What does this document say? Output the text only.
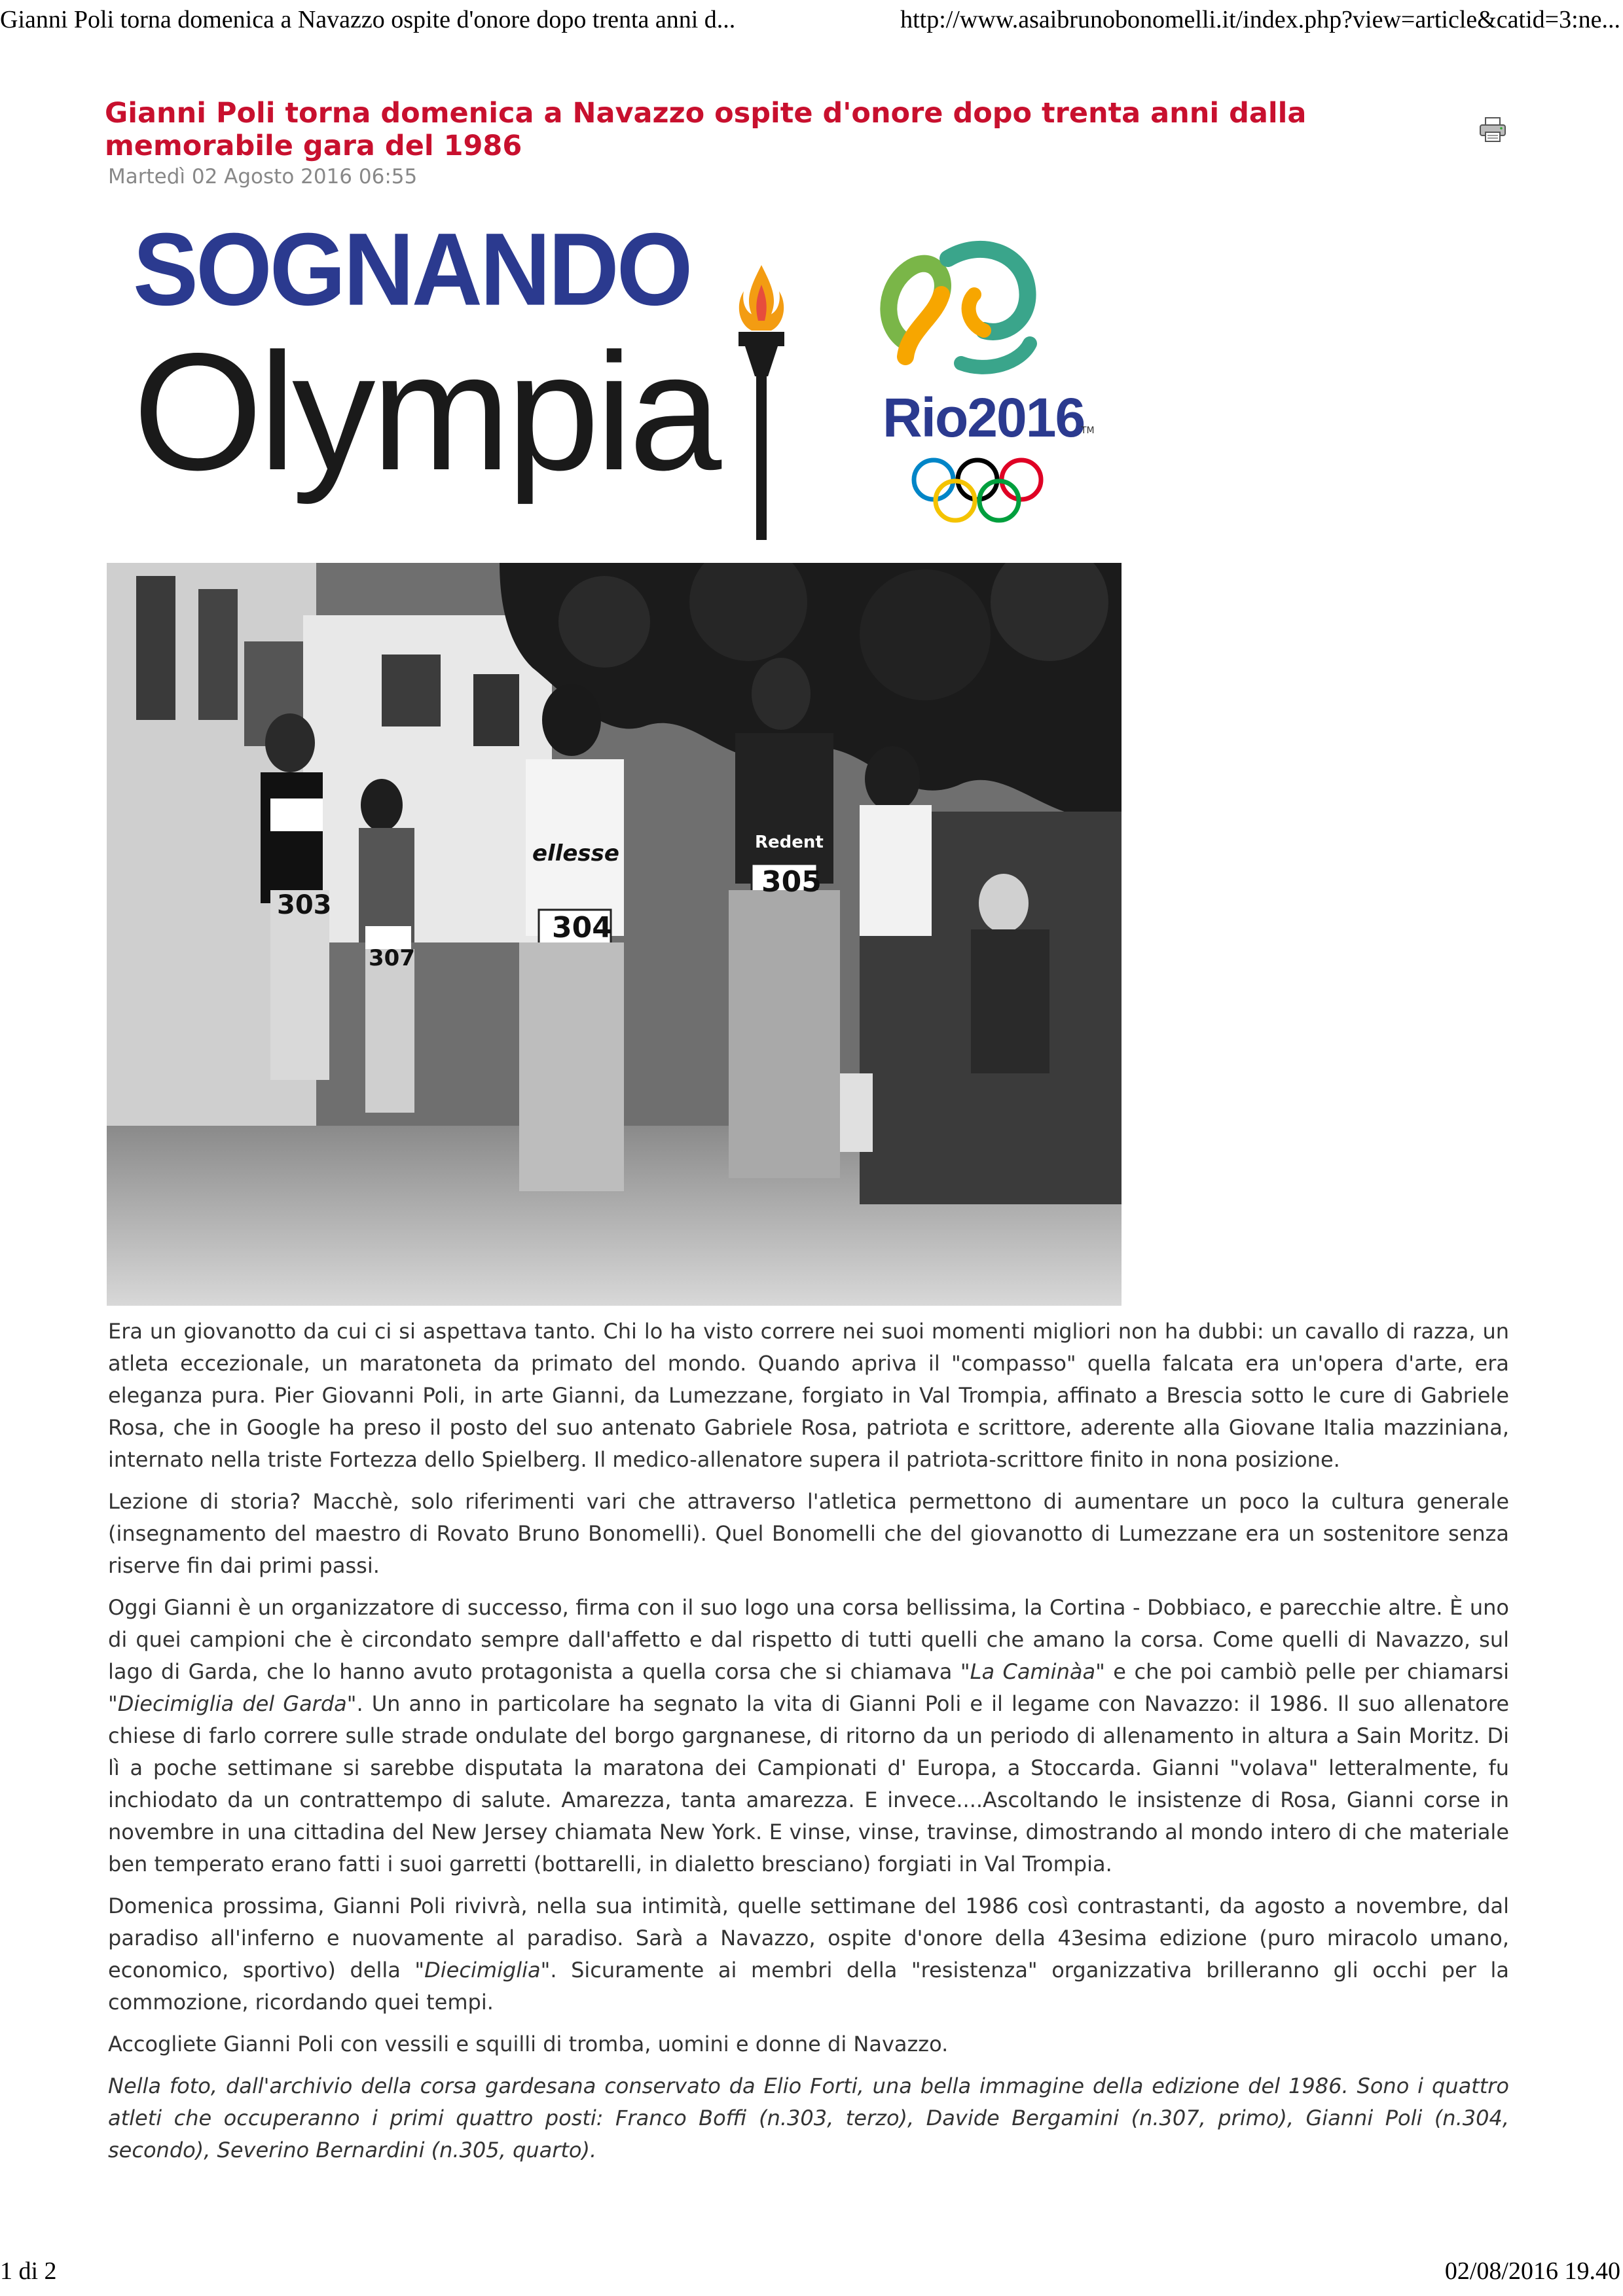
Gianni Poli torna domenica a Navazzo ospite d'onore dopo trenta anni d...	http://www.asaibrunobonomelli.it/index.php?view=article&catid=3:ne...
Gianni Poli torna domenica a Navazzo ospite d'onore dopo trenta anni dalla memorabile gara del 1986
Martedì 02 Agosto 2016 06:55
SOGNANDO
Olympia	Rio2016
TM
303
307
304
305
ellesse	Redent

Era un giovanotto da cui ci si aspettava tanto. Chi lo ha visto correre nei suoi momenti migliori non ha dubbi: un cavallo di razza, un atleta eccezionale, un maratoneta da primato del mondo. Quando apriva il "compasso" quella falcata era un'opera d'arte, era eleganza pura. Pier Giovanni Poli, in arte Gianni, da Lumezzane, forgiato in Val Trompia, affinato a Brescia sotto le cure di Gabriele Rosa, che in Google ha preso il posto del suo antenato Gabriele Rosa, patriota e scrittore, aderente alla Giovane Italia mazziniana, internato nella triste Fortezza dello Spielberg. Il medico-allenatore supera il patriota-scrittore finito in nona posizione.

Lezione di storia? Macchè, solo riferimenti vari che attraverso l'atletica permettono di aumentare un poco la cultura generale (insegnamento del maestro di Rovato Bruno Bonomelli). Quel Bonomelli che del giovanotto di Lumezzane era un sostenitore senza riserve fin dai primi passi.

Oggi Gianni è un organizzatore di successo, firma con il suo logo una corsa bellissima, la Cortina - Dobbiaco, e parecchie altre. È uno di quei campioni che è circondato sempre dall'affetto e dal rispetto di tutti quelli che amano la corsa. Come quelli di Navazzo, sul lago di Garda, che lo hanno avuto protagonista a quella corsa che si chiamava "La Caminàa" e che poi cambiò pelle per chiamarsi "Diecimiglia del Garda". Un anno in particolare ha segnato la vita di Gianni Poli e il legame con Navazzo: il 1986. Il suo allenatore chiese di farlo correre sulle strade ondulate del borgo gargnanese, di ritorno da un periodo di allenamento in altura a Sain Moritz. Di lì a poche settimane si sarebbe disputata la maratona dei Campionati d' Europa, a Stoccarda. Gianni "volava" letteralmente, fu inchiodato da un contrattempo di salute. Amarezza, tanta amarezza. E invece....Ascoltando le insistenze di Rosa, Gianni corse in novembre in una cittadina del New Jersey chiamata New York. E vinse, vinse, travinse, dimostrando al mondo intero di che materiale ben temperato erano fatti i suoi garretti (bottarelli, in dialetto bresciano) forgiati in Val Trompia.

Domenica prossima, Gianni Poli rivivrà, nella sua intimità, quelle settimane del 1986 così contrastanti, da agosto a novembre, dal paradiso all'inferno e nuovamente al paradiso. Sarà a Navazzo, ospite d'onore della 43esima edizione (puro miracolo umano, economico, sportivo) della "Diecimiglia". Sicuramente ai membri della "resistenza" organizzativa brilleranno gli occhi per la commozione, ricordando quei tempi.

Accogliete Gianni Poli con vessili e squilli di tromba, uomini e donne di Navazzo.

Nella foto, dall'archivio della corsa gardesana conservato da Elio Forti, una bella immagine della edizione del 1986. Sono i quattro atleti che occuperanno i primi quattro posti: Franco Boffi (n.303, terzo), Davide Bergamini (n.307, primo), Gianni Poli (n.304, secondo), Severino Bernardini (n.305, quarto).

1 di 2	02/08/2016 19.40
